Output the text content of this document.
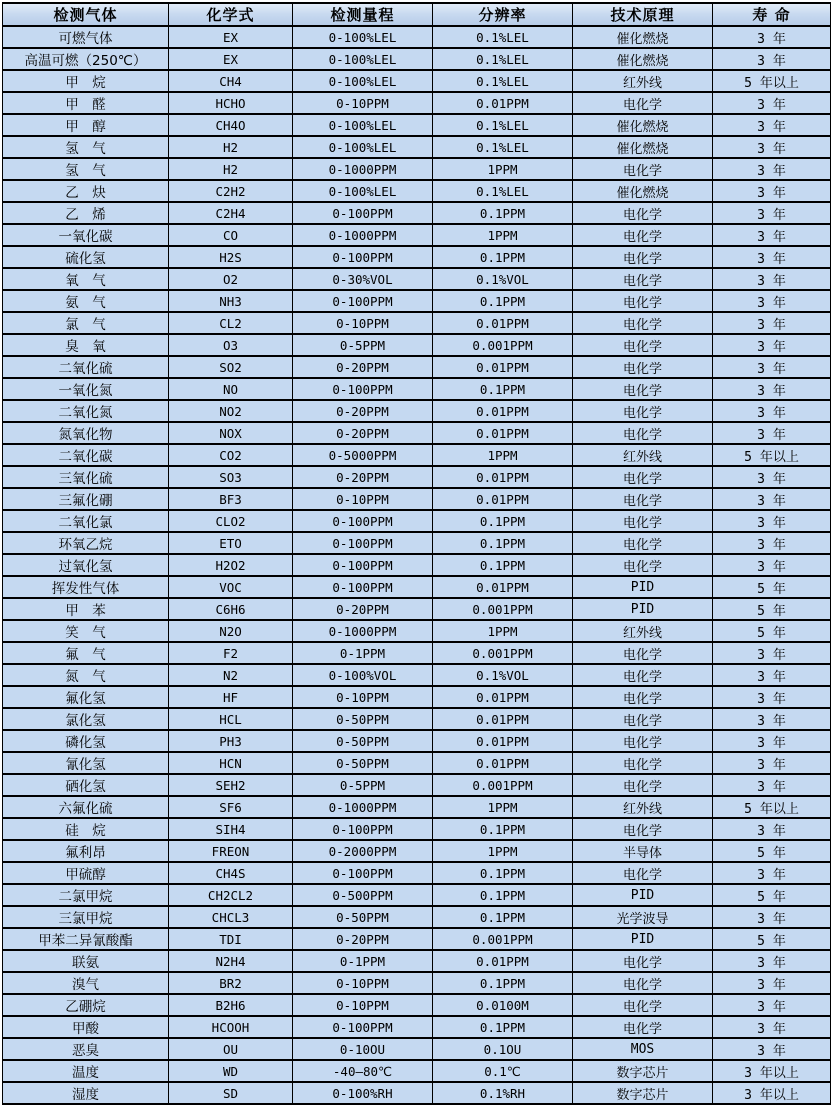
检测气体	化学式	检测量程	分辨率	技术原理	寿 命
可燃气体	EX	0-100%LEL	0.1%LEL	催化燃烧	3 年
高温可燃（250℃）	EX	0-100%LEL	0.1%LEL	催化燃烧	3 年
甲　烷	CH4	0-100%LEL	0.1%LEL	红外线	5 年以上
甲　醛	HCHO	0-10PPM	0.01PPM	电化学	3 年
甲　醇	CH4O	0-100%LEL	0.1%LEL	催化燃烧	3 年
氢　气	H2	0-100%LEL	0.1%LEL	催化燃烧	3 年
氢　气	H2	0-1000PPM	1PPM	电化学	3 年
乙　炔	C2H2	0-100%LEL	0.1%LEL	催化燃烧	3 年
乙　烯	C2H4	0-100PPM	0.1PPM	电化学	3 年
一氧化碳	CO	0-1000PPM	1PPM	电化学	3 年
硫化氢	H2S	0-100PPM	0.1PPM	电化学	3 年
氧　气	O2	0-30%VOL	0.1%VOL	电化学	3 年
氨　气	NH3	0-100PPM	0.1PPM	电化学	3 年
氯　气	CL2	0-10PPM	0.01PPM	电化学	3 年
臭　氧	O3	0-5PPM	0.001PPM	电化学	3 年
二氧化硫	SO2	0-20PPM	0.01PPM	电化学	3 年
一氧化氮	NO	0-100PPM	0.1PPM	电化学	3 年
二氧化氮	NO2	0-20PPM	0.01PPM	电化学	3 年
氮氧化物	NOX	0-20PPM	0.01PPM	电化学	3 年
二氧化碳	CO2	0-5000PPM	1PPM	红外线	5 年以上
三氧化硫	SO3	0-20PPM	0.01PPM	电化学	3 年
三氟化硼	BF3	0-10PPM	0.01PPM	电化学	3 年
二氧化氯	CLO2	0-100PPM	0.1PPM	电化学	3 年
环氧乙烷	ETO	0-100PPM	0.1PPM	电化学	3 年
过氧化氢	H2O2	0-100PPM	0.1PPM	电化学	3 年
挥发性气体	VOC	0-100PPM	0.01PPM	PID	5 年
甲　苯	C6H6	0-20PPM	0.001PPM	PID	5 年
笑　气	N2O	0-1000PPM	1PPM	红外线	5 年
氟　气	F2	0-1PPM	0.001PPM	电化学	3 年
氮　气	N2	0-100%VOL	0.1%VOL	电化学	3 年
氟化氢	HF	0-10PPM	0.01PPM	电化学	3 年
氯化氢	HCL	0-50PPM	0.01PPM	电化学	3 年
磷化氢	PH3	0-50PPM	0.01PPM	电化学	3 年
氰化氢	HCN	0-50PPM	0.01PPM	电化学	3 年
硒化氢	SEH2	0-5PPM	0.001PPM	电化学	3 年
六氟化硫	SF6	0-1000PPM	1PPM	红外线	5 年以上
硅　烷	SIH4	0-100PPM	0.1PPM	电化学	3 年
氟利昂	FREON	0-2000PPM	1PPM	半导体	5 年
甲硫醇	CH4S	0-100PPM	0.1PPM	电化学	3 年
二氯甲烷	CH2CL2	0-500PPM	0.1PPM	PID	5 年
三氯甲烷	CHCL3	0-50PPM	0.1PPM	光学波导	3 年
甲苯二异氰酸酯	TDI	0-20PPM	0.001PPM	PID	5 年
联氨	N2H4	0-1PPM	0.01PPM	电化学	3 年
溴气	BR2	0-10PPM	0.1PPM	电化学	3 年
乙硼烷	B2H6	0-10PPM	0.0100M	电化学	3 年
甲酸	HCOOH	0-100PPM	0.1PPM	电化学	3 年
恶臭	OU	0-10OU	0.1OU	MOS	3 年
温度	WD	-40—80℃	0.1℃	数字芯片	3 年以上
湿度	SD	0-100%RH	0.1%RH	数字芯片	3 年以上
